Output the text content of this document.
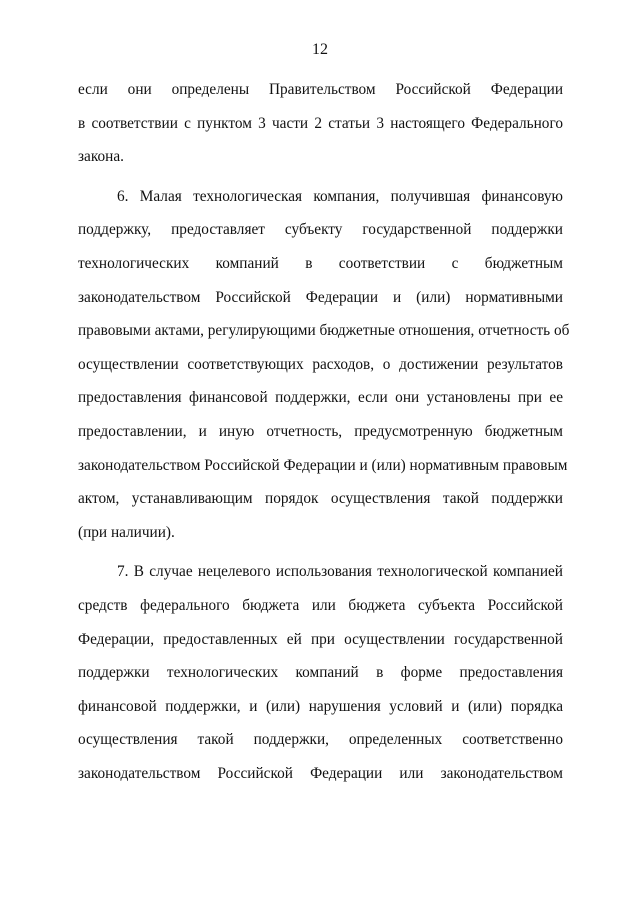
12
если они определены Правительством Российской Федерации
в соответствии с пунктом 3 части 2 статьи 3 настоящего Федерального
закона.
6. Малая технологическая компания, получившая финансовую
поддержку, предоставляет субъекту государственной поддержки
технологических компаний в соответствии с бюджетным
законодательством Российской Федерации и (или) нормативными
правовыми актами, регулирующими бюджетные отношения, отчетность об
осуществлении соответствующих расходов, о достижении результатов
предоставления финансовой поддержки, если они установлены при ее
предоставлении, и иную отчетность, предусмотренную бюджетным
законодательством Российской Федерации и (или) нормативным правовым
актом, устанавливающим порядок осуществления такой поддержки
(при наличии).
7. В случае нецелевого использования технологической компанией
средств федерального бюджета или бюджета субъекта Российской
Федерации, предоставленных ей при осуществлении государственной
поддержки технологических компаний в форме предоставления
финансовой поддержки, и (или) нарушения условий и (или) порядка
осуществления такой поддержки, определенных соответственно
законодательством Российской Федерации или законодательством
